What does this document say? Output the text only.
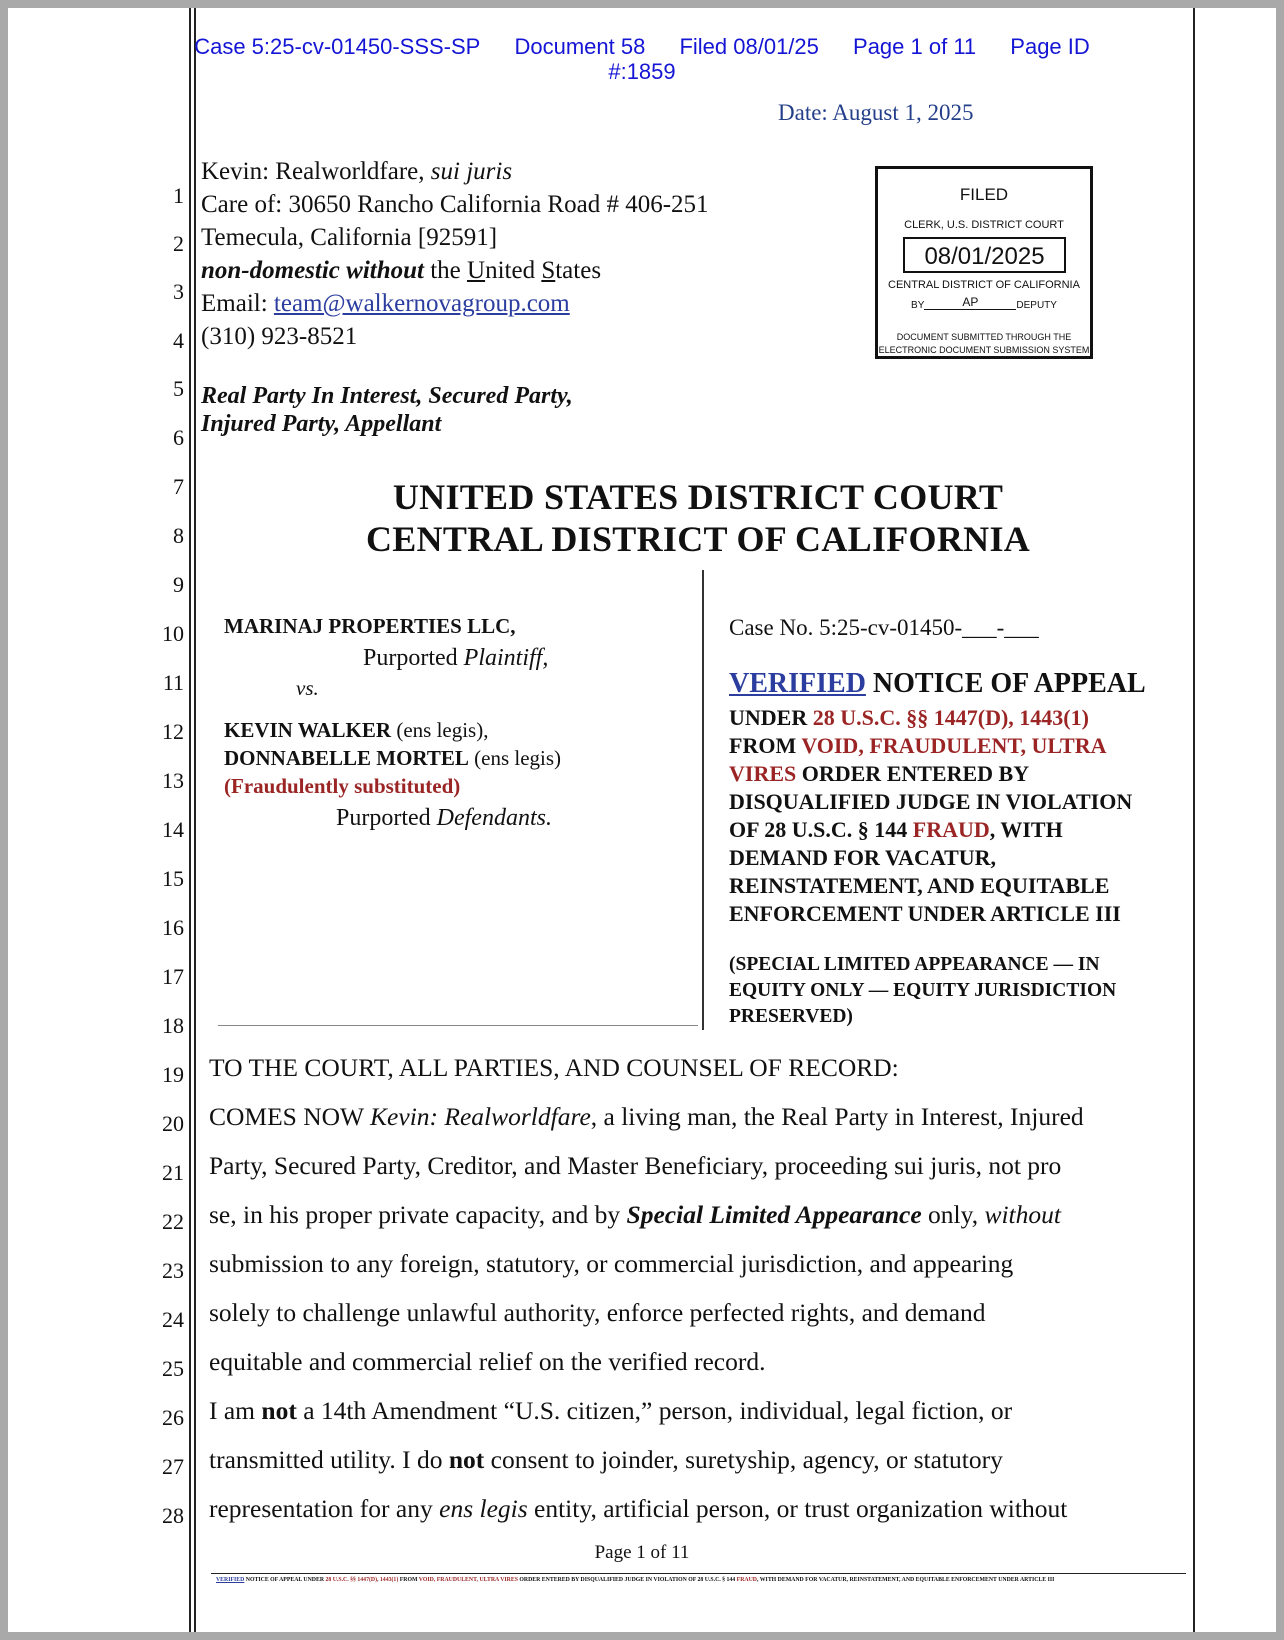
Case 5:25-cv-01450-SSS-SP Document 58 Filed 08/01/25 Page 1 of 11 Page ID
#:1859
Date: August 1, 2025
1
2
3
4
5
6
7
8
9
10
11
12
13
14
15
16
17
18
19
20
21
22
23
24
25
26
27
28
Kevin: Realworldfare, sui juris
Care of: 30650 Rancho California Road # 406-251
Temecula, California [92591]
non-domestic without the United States
Email: team@walkernovagroup.com
(310) 923-8521
Real Party In Interest, Secured Party,
Injured Party, Appellant
FILED
CLERK, U.S. DISTRICT COURT
08/01/2025
CENTRAL DISTRICT OF CALIFORNIA
BY	AP	DEPUTY
DOCUMENT SUBMITTED THROUGH THE
ELECTRONIC DOCUMENT SUBMISSION SYSTEM
UNITED STATES DISTRICT COURT
CENTRAL DISTRICT OF CALIFORNIA
MARINAJ PROPERTIES LLC,
Purported Plaintiff,
vs.
KEVIN WALKER (ens legis),
DONNABELLE MORTEL (ens legis)
(Fraudulently substituted)
Purported Defendants.
Case No. 5:25-cv-01450-___-___
VERIFIED NOTICE OF APPEAL
UNDER 28 U.S.C. §§ 1447(D), 1443(1)
FROM VOID, FRAUDULENT, ULTRA
VIRES ORDER ENTERED BY
DISQUALIFIED JUDGE IN VIOLATION
OF 28 U.S.C. § 144 FRAUD, WITH
DEMAND FOR VACATUR,
REINSTATEMENT, AND EQUITABLE
ENFORCEMENT UNDER ARTICLE III
(SPECIAL LIMITED APPEARANCE — IN
EQUITY ONLY — EQUITY JURISDICTION
PRESERVED)
TO THE COURT, ALL PARTIES, AND COUNSEL OF RECORD:
COMES NOW Kevin: Realworldfare, a living man, the Real Party in Interest, Injured
Party, Secured Party, Creditor, and Master Beneficiary, proceeding sui juris, not pro
se, in his proper private capacity, and by Special Limited Appearance only, without
submission to any foreign, statutory, or commercial jurisdiction, and appearing
solely to challenge unlawful authority, enforce perfected rights, and demand
equitable and commercial relief on the verified record.
I am not a 14th Amendment “U.S. citizen,” person, individual, legal fiction, or
transmitted utility. I do not consent to joinder, suretyship, agency, or statutory
representation for any ens legis entity, artificial person, or trust organization without
Page 1 of 11
VERIFIED NOTICE OF APPEAL UNDER 28 U.S.C. §§ 1447(D), 1443(1) FROM VOID, FRAUDULENT, ULTRA VIRES ORDER ENTERED BY DISQUALIFIED JUDGE IN VIOLATION OF 28 U.S.C. § 144 FRAUD, WITH DEMAND FOR VACATUR, REINSTATEMENT, AND EQUITABLE ENFORCEMENT UNDER ARTICLE III
